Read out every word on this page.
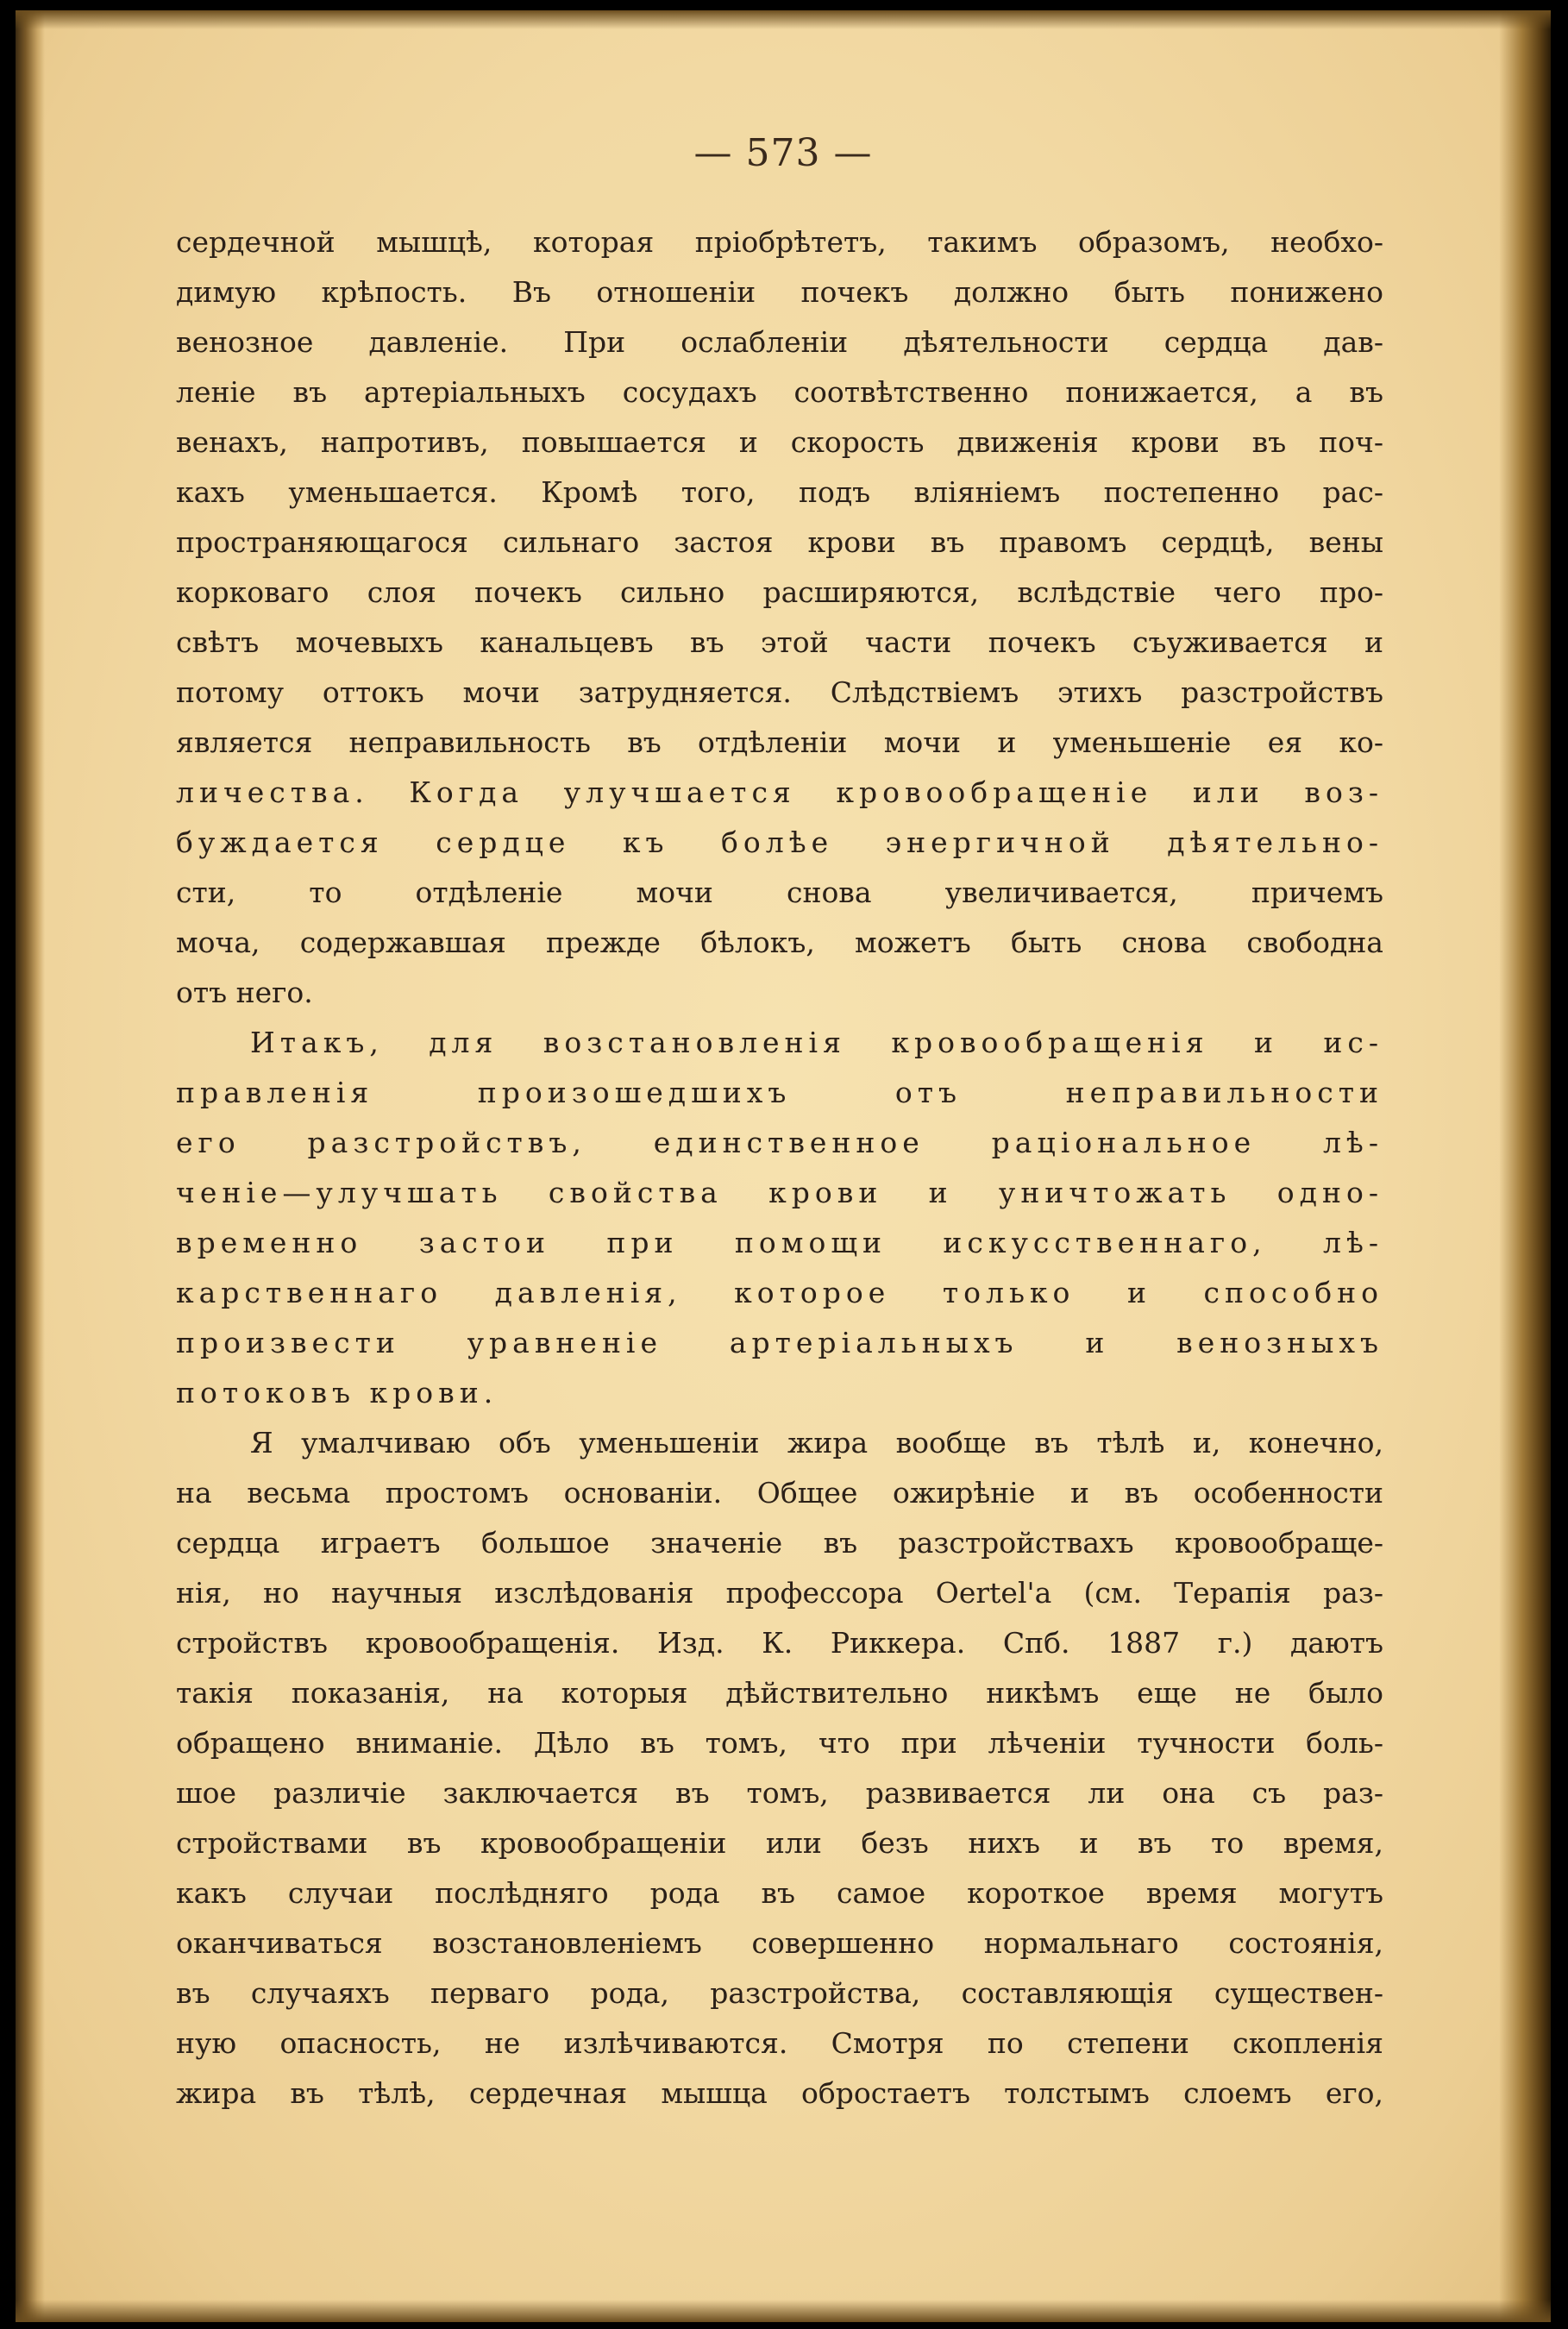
— 573 —
сердечной мышцѣ, которая пріобрѣтетъ, такимъ образомъ, необхо-
димую крѣпость. Въ отношеніи почекъ должно быть понижено
венозное давленіе. При ослабленіи дѣятельности сердца дав-
леніе въ артеріальныхъ сосудахъ соотвѣтственно понижается, а въ
венахъ, напротивъ, повышается и скорость движенія крови въ поч-
кахъ уменьшается. Кромѣ того, подъ вліяніемъ постепенно рас-
пространяющагося сильнаго застоя крови въ правомъ сердцѣ, вены
корковаго слоя почекъ сильно расширяются, вслѣдствіе чего про-
свѣтъ мочевыхъ канальцевъ въ этой части почекъ съуживается и
потому оттокъ мочи затрудняется. Слѣдствіемъ этихъ разстройствъ
является неправильность въ отдѣленіи мочи и уменьшеніе ея ко-
личества. Когда улучшается кровообращеніе или воз-
буждается сердце къ болѣе энергичной дѣятельно-
сти, то отдѣленіе мочи снова увеличивается, причемъ
моча, содержавшая прежде бѣлокъ, можетъ быть снова свободна
отъ него.
Итакъ, для возстановленія кровообращенія и ис-
правленія произошедшихъ отъ неправильности
его разстройствъ, единственное раціональное лѣ-
ченіе—улучшать свойства крови и уничтожать одно-
временно застои при помощи искусственнаго, лѣ-
карственнаго давленія, которое только и способно
произвести уравненіе артеріальныхъ и венозныхъ
потоковъ крови.
Я умалчиваю объ уменьшеніи жира вообще въ тѣлѣ и, конечно,
на весьма простомъ основаніи. Общее ожирѣніе и въ особенности
сердца играетъ большое значеніе въ разстройствахъ кровообраще-
нія, но научныя изслѣдованія профессора Oertel'а (см. Терапія раз-
стройствъ кровообращенія. Изд. К. Риккера. Спб. 1887 г.) даютъ
такія показанія, на которыя дѣйствительно никѣмъ еще не было
обращено вниманіе. Дѣло въ томъ, что при лѣченіи тучности боль-
шое различіе заключается въ томъ, развивается ли она съ раз-
стройствами въ кровообращеніи или безъ нихъ и въ то время,
какъ случаи послѣдняго рода въ самое короткое время могутъ
оканчиваться возстановленіемъ совершенно нормальнаго состоянія,
въ случаяхъ перваго рода, разстройства, составляющія существен-
ную опасность, не излѣчиваются. Смотря по степени скопленія
жира въ тѣлѣ, сердечная мышца обростаетъ толстымъ слоемъ его,
